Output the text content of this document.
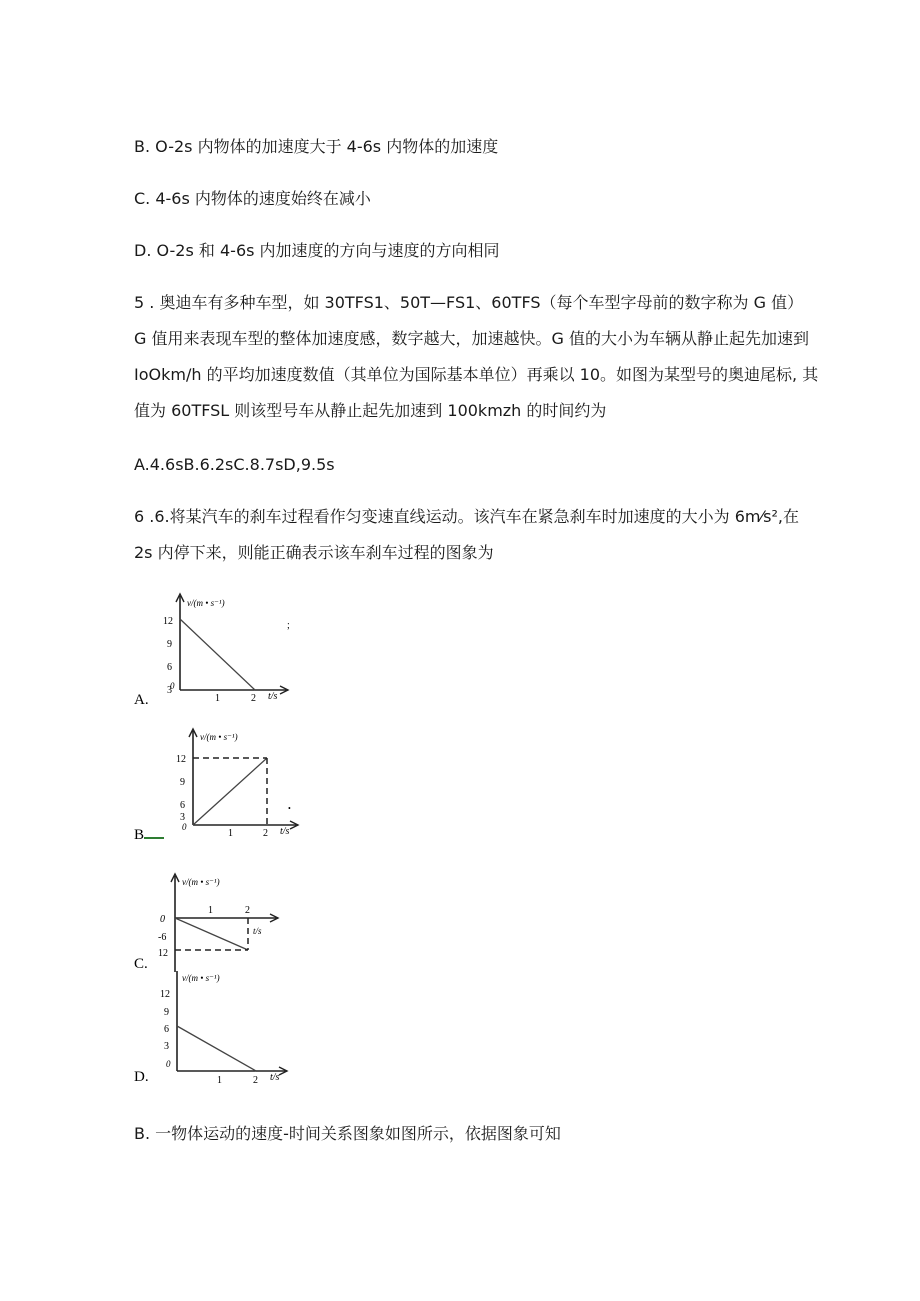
B. O-2s 内物体的加速度大于 4-6s 内物体的加速度
C. 4-6s 内物体的速度始终在减小
D. O-2s 和 4-6s 内加速度的方向与速度的方向相同
5 . 奥迪车有多种车型，如 30TFS1、50T—FS1、60TFS（每个车型字母前的数字称为 G 值）
G 值用来表现车型的整体加速度感，数字越大，加速越快。G 值的大小为车辆从静止起先加速到
IoOkm/h 的平均加速度数值（其单位为国际基本单位）再乘以 10。如图为某型号的奥迪尾标, 其
值为 60TFSL 则该型号车从静止起先加速到 100kmzh 的时间约为
A.4.6sB.6.2sC.8.7sD,9.5s
6 .6.将某汽车的刹车过程看作匀变速直线运动。该汽车在紧急刹车时加速度的大小为 6m⁄s²,在
2s 内停下来，则能正确表示该车刹车过程的图象为
B. 一物体运动的速度-时间关系图象如图所示，依据图象可知
v/(m • s⁻¹)
;
12
9
6
3
0
1	2 t/s
A.
v/(m • s⁻¹)
•
12
9
6
3
0
1	2 t/s
B
v/(m • s⁻¹)
1	2
t/s
0
-6
12
C.
v/(m • s⁻¹)
12
9
6
3
0
1	2 t/s
D.
